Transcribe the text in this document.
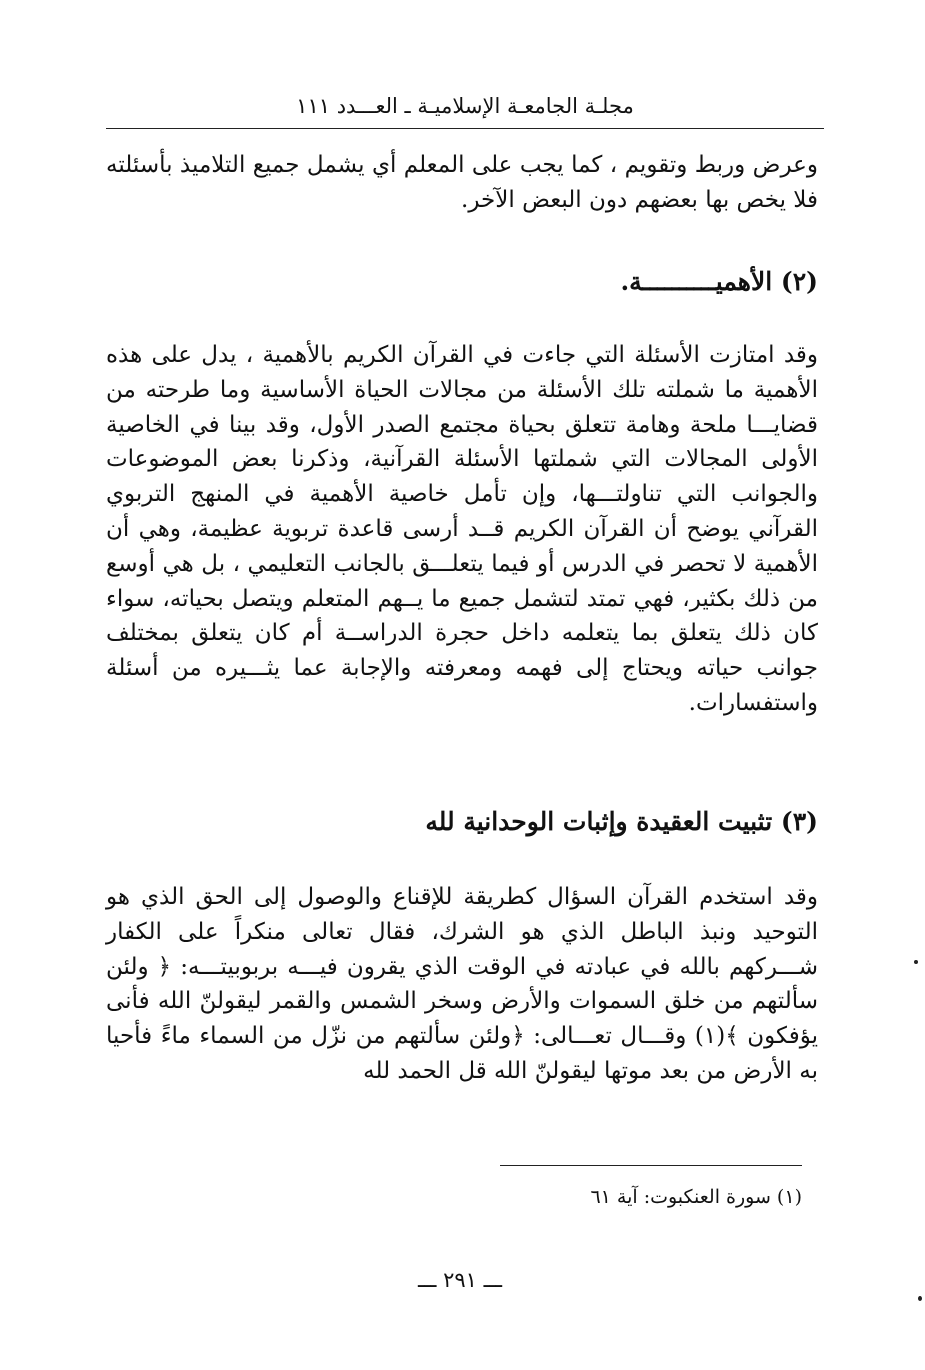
مجلـة الجامعـة الإسلاميـة ـ العـــدد ١١١

وعرض وربط وتقويم ، كما يجب على المعلم أي يشمل جميع التلاميذ بأسئلته فلا يخص بها بعضهم دون البعض الآخر.

(٢) الأهميــــــــــة.

وقد امتازت الأسئلة التي جاءت في القرآن الكريم بالأهمية ، يدل على هذه الأهمية ما شملته تلك الأسئلة من مجالات الحياة الأساسية وما طرحته من قضايـــا ملحة وهامة تتعلق بحياة مجتمع الصدر الأول، وقد بينا في الخاصية الأولى المجالات التي شملتها الأسئلة القرآنية، وذكرنا بعض الموضوعات والجوانب التي تناولتـــها، وإن تأمل خاصية الأهمية في المنهج التربوي القرآني يوضح أن القرآن الكريم قــد أرسى قاعدة تربوية عظيمة، وهي أن الأهمية لا تحصر في الدرس أو فيما يتعلـــق بالجانب التعليمي ، بل هي أوسع من ذلك بكثير، فهي تمتد لتشمل جميع ما يــهم المتعلم ويتصل بحياته، سواء كان ذلك يتعلق بما يتعلمه داخل حجرة الدراســة أم كان يتعلق بمختلف جوانب حياته ويحتاج إلى فهمه ومعرفته والإجابة عما يثـــيره من أسئلة واستفسارات.

(٣) تثبيت العقيدة وإثبات الوحدانية لله

وقد استخدم القرآن السؤال كطريقة للإقناع والوصول إلى الحق الذي هو التوحيد ونبذ الباطل الذي هو الشرك، فقال تعالى منكراً على الكفار شـــركهم بالله في عبادته في الوقت الذي يقرون فيـــه بربوبيتـــه: ﴿ ولئن سألتهم من خلق السموات والأرض وسخر الشمس والقمر ليقولنّ الله فأنى يؤفكون ﴾(١) وقـــال تعـــالى: ﴿ولئن سألتهم من نزّل من السماء ماءً فأحيا به الأرض من بعد موتها ليقولنّ الله قل الحمد لله

(١) سورة العنكبوت: آية ٦١
ـــ ٢٩١ ـــ
